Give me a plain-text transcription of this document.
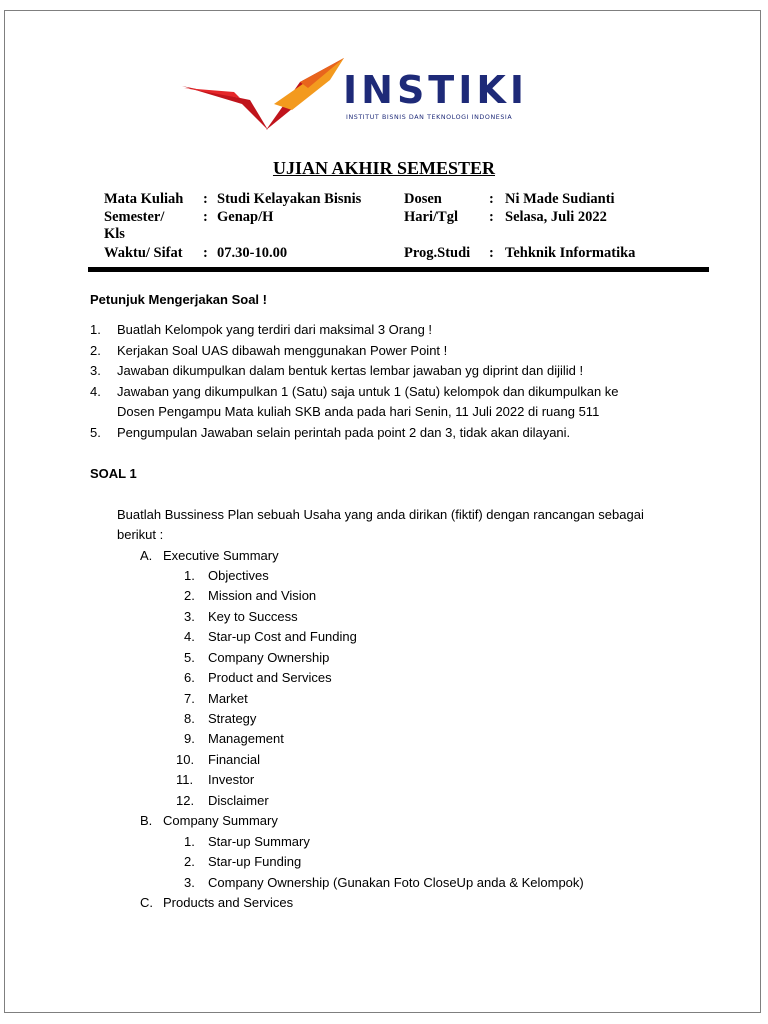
INSTIKI
INSTITUT BISNIS DAN TEKNOLOGI INDONESIA
UJIAN AKHIR SEMESTER
Mata Kuliah : Studi Kelayakan Bisnis
Semester/
Kls
: Genap/H
Waktu/ Sifat : 07.30-10.00
Dosen	: Ni Made Sudianti
Hari/Tgl : Selasa, Juli 2022
Prog.Studi : Tehknik Informatika
Petunjuk Mengerjakan Soal !
1. Buatlah Kelompok yang terdiri dari maksimal 3 Orang !
2. Kerjakan Soal UAS dibawah menggunakan Power Point !
3. Jawaban dikumpulkan dalam bentuk kertas lembar jawaban yg diprint dan dijilid !
4. Jawaban yang dikumpulkan 1 (Satu) saja untuk 1 (Satu) kelompok dan dikumpulkan ke
Dosen Pengampu Mata kuliah SKB anda pada hari Senin, 11 Juli 2022 di ruang 511
5. Pengumpulan Jawaban selain perintah pada point 2 dan 3, tidak akan dilayani.
SOAL 1
Buatlah Bussiness Plan sebuah Usaha yang anda dirikan (fiktif) dengan rancangan sebagai
berikut :
A. Executive Summary
1. Objectives
2. Mission and Vision
3. Key to Success
4. Star-up Cost and Funding
5. Company Ownership
6. Product and Services
7. Market
8. Strategy
9. Management
10. Financial
11. Investor
12. Disclaimer
B. Company Summary
1. Star-up Summary
2. Star-up Funding
3. Company Ownership (Gunakan Foto CloseUp anda & Kelompok)
C. Products and Services
